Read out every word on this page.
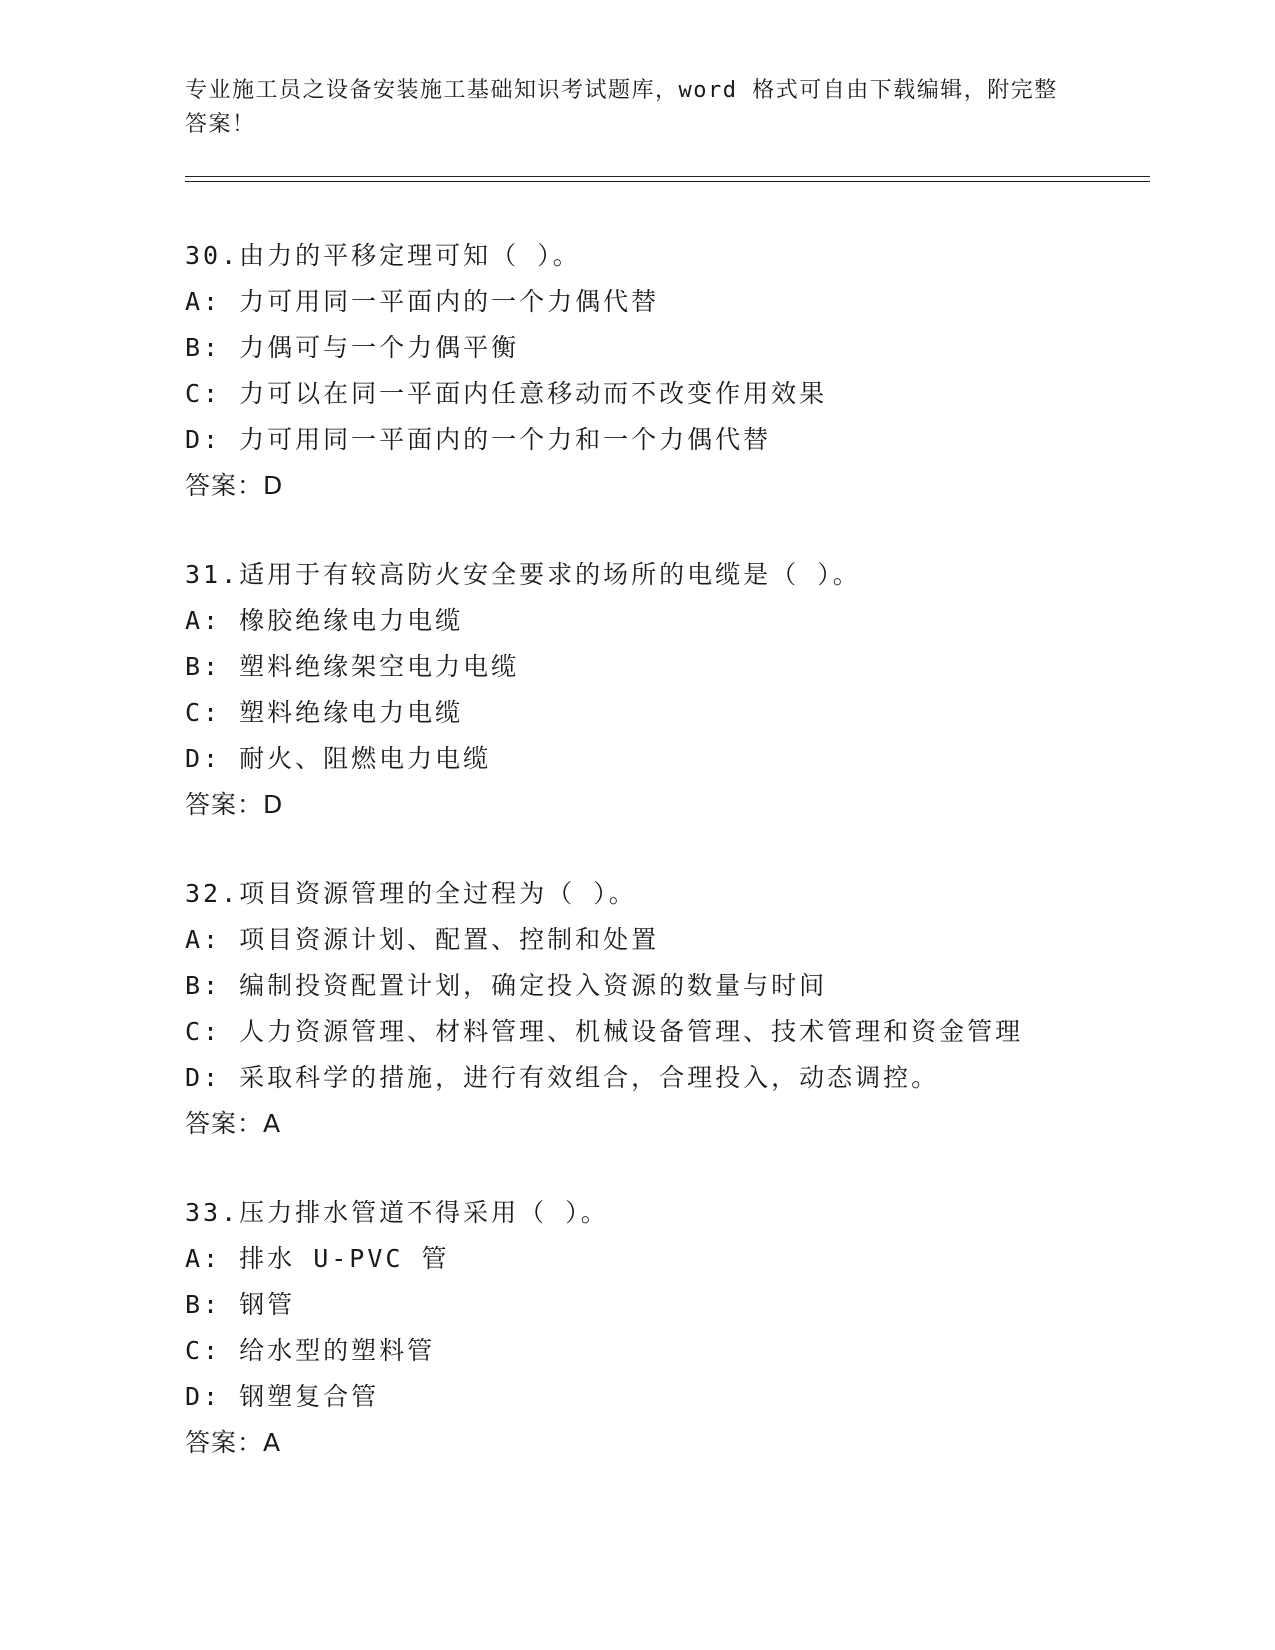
专业施工员之设备安装施工基础知识考试题库，word 格式可自由下载编辑，附完整答案！
30.由力的平移定理可知（ ）。
A: 力可用同一平面内的一个力偶代替
B: 力偶可与一个力偶平衡
C: 力可以在同一平面内任意移动而不改变作用效果
D: 力可用同一平面内的一个力和一个力偶代替
答案：D
31.适用于有较高防火安全要求的场所的电缆是（ ）。
A: 橡胶绝缘电力电缆
B: 塑料绝缘架空电力电缆
C: 塑料绝缘电力电缆
D: 耐火、阻燃电力电缆
答案：D
32.项目资源管理的全过程为（ ）。
A: 项目资源计划、配置、控制和处置
B: 编制投资配置计划，确定投入资源的数量与时间
C: 人力资源管理、材料管理、机械设备管理、技术管理和资金管理
D: 采取科学的措施，进行有效组合，合理投入，动态调控。
答案：A
33.压力排水管道不得采用（ ）。
A: 排水 U-PVC 管
B: 钢管
C: 给水型的塑料管
D: 钢塑复合管
答案：A
